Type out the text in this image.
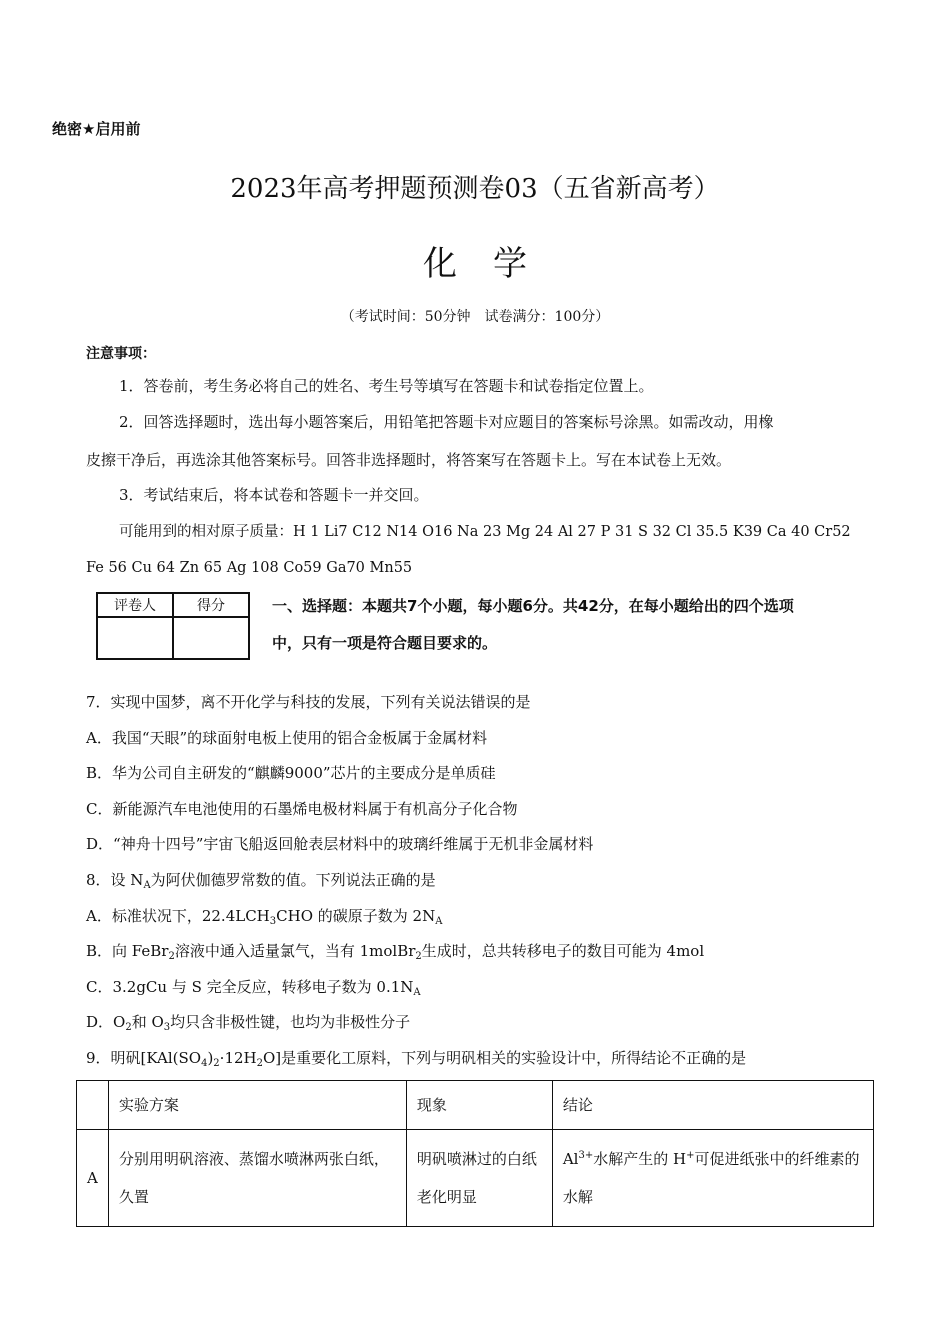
绝密★启用前
2023年高考押题预测卷03（五省新高考）
化学
（考试时间：50分钟　试卷满分：100分）
注意事项：
1．答卷前，考生务必将自己的姓名、考生号等填写在答题卡和试卷指定位置上。
2．回答选择题时，选出每小题答案后，用铅笔把答题卡对应题目的答案标号涂黑。如需改动，用橡
皮擦干净后，再选涂其他答案标号。回答非选择题时，将答案写在答题卡上。写在本试卷上无效。
3．考试结束后，将本试卷和答题卡一并交回。
可能用到的相对原子质量：H 1 Li7 C12 N14 O16 Na 23 Mg 24 Al 27 P 31 S 32 Cl 35.5 K39 Ca 40 Cr52
Fe 56 Cu 64 Zn 65 Ag 108 Co59 Ga70 Mn55
评卷人	得分
		一、选择题：本题共7个小题，每小题6分。共42分，在每小题给出的四个选项
中，只有一项是符合题目要求的。
7．实现中国梦，离不开化学与科技的发展，下列有关说法错误的是
A．我国“天眼”的球面射电板上使用的铝合金板属于金属材料
B．华为公司自主研发的“麒麟9000”芯片的主要成分是单质硅
C．新能源汽车电池使用的石墨烯电极材料属于有机高分子化合物
D．“神舟十四号”宇宙飞船返回舱表层材料中的玻璃纤维属于无机非金属材料
8．设 $N_A$为阿伏伽德罗常数的值。下列说法正确的是
A．标准状况下，$22.4LCH_3CHO$ 的碳原子数为 $2N_A$
B．向 FeBr$_2$溶液中通入适量氯气，当有 1molBr$_2$生成时，总共转移电子的数目可能为 4mol
C．3.2gCu 与 S 完全反应，转移电子数为 $0.1N_A$
D．$O_2$和 $O_3$均只含非极性键，也均为非极性分子
9．明矾$[KAl(SO_4)_2\cdot 12H_2O]$是重要化工原料，下列与明矾相关的实验设计中，所得结论不正确的是
	实验方案	现象	结论
A	分别用明矾溶液、蒸馏水喷淋两张白纸，久置	明矾喷淋过的白纸老化明显	$Al^{3+}$水解产生的 H+可促进纸张中的纤维素的水解
